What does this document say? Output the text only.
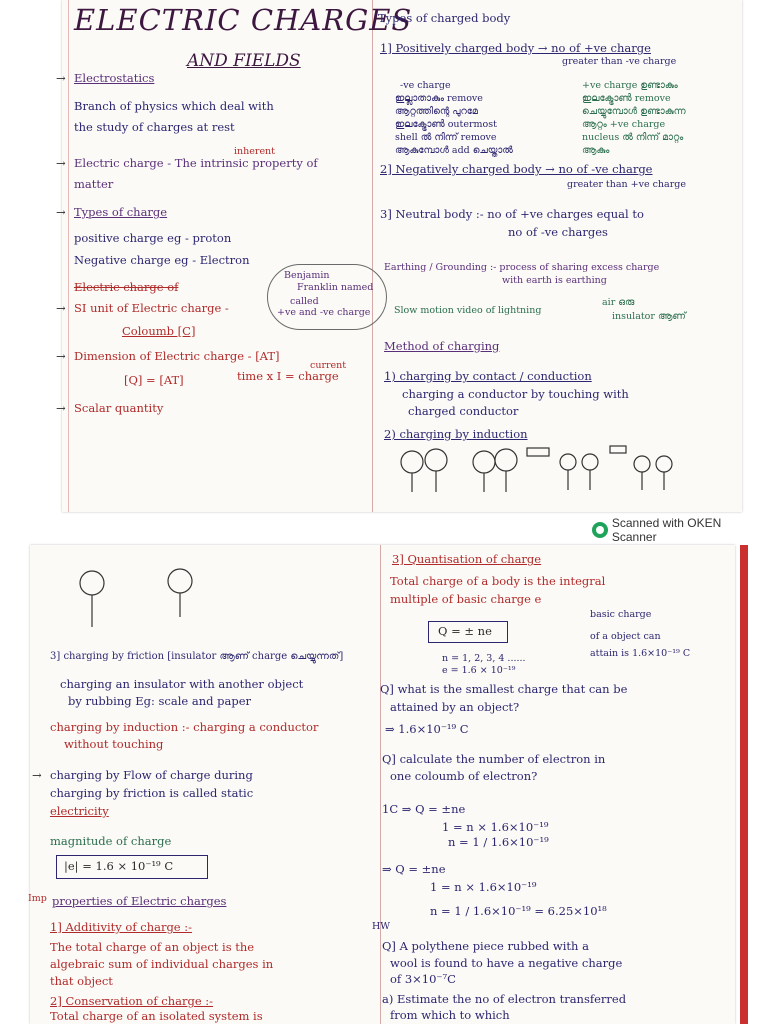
ELECTRIC CHARGES
AND FIELDS
→ Electrostatics
Branch of physics which deal with
the study of charges at rest
→
inherent
Electric charge - The intrinsic property of
matter
→ Types of charge
positive charge eg - proton
Negative charge eg - Electron
Electric charge of
→ SI unit of Electric charge -
Coloumb [C]
Benjamin
Franklin named
called
+ve and -ve charge
→ Dimension of Electric charge - [AT]
[Q] = [AT]
current
time x I = charge
→ Scalar quantity
Types of charged body
1] Positively charged body → no of +ve charge
greater than -ve charge
-ve charge
ഇല്ലാതാകും remove
ആറ്റത്തിന്റെ പുറമേ
ഇലക്ട്രോൺ outermost
shell ൽ നിന്ന് remove
ആകുമ്പോൾ add ചെയ്താൽ
+ve charge ഉണ്ടാകും
ഇലക്ട്രോൺ remove
ചെയ്യുമ്പോൾ ഉണ്ടാകുന്ന
ആറ്റം +ve charge
nucleus ൽ നിന്ന് മാറ്റം
ആകും
2] Negatively charged body → no of -ve charge
greater than +ve charge
3] Neutral body :- no of +ve charges equal to
no of -ve charges
Earthing / Grounding :- process of sharing excess charge
with earth is earthing
Slow motion video of lightning
air ഒരു
insulator ആണ്
Method of charging
1) charging by contact / conduction
charging a conductor by touching with
charged conductor
2) charging by induction
Scanned with OKEN Scanner
3] charging by friction [insulator ആണ് charge ചെയ്യുന്നത്]
charging an insulator with another object
by rubbing Eg: scale and paper
charging by induction :- charging a conductor
without touching
→ charging by Flow of charge during
charging by friction is called static
electricity
magnitude of charge
|e| = 1.6 × 10⁻¹⁹ C
Imp properties of Electric charges
1] Additivity of charge :-
The total charge of an object is the
algebraic sum of individual charges in
that object
2] Conservation of charge :-
Total charge of an isolated system is
3] Quantisation of charge
Total charge of a body is the integral
multiple of basic charge e
Q = ± ne
n = 1, 2, 3, 4 ......
e = 1.6 × 10⁻¹⁹
basic charge
of a object can
attain is 1.6×10⁻¹⁹ C
Q] what is the smallest charge that can be
attained by an object?
⇒ 1.6×10⁻¹⁹ C
Q] calculate the number of electron in
one coloumb of electron?
1C ⇒ Q = ±ne
1 = n × 1.6×10⁻¹⁹
n = 1 / 1.6×10⁻¹⁹
⇒ Q = ±ne
1 = n × 1.6×10⁻¹⁹
n = 1 / 1.6×10⁻¹⁹ = 6.25×10¹⁸
HW
Q] A polythene piece rubbed with a
wool is found to have a negative charge
of 3×10⁻⁷C
a) Estimate the no of electron transferred
from which to which
